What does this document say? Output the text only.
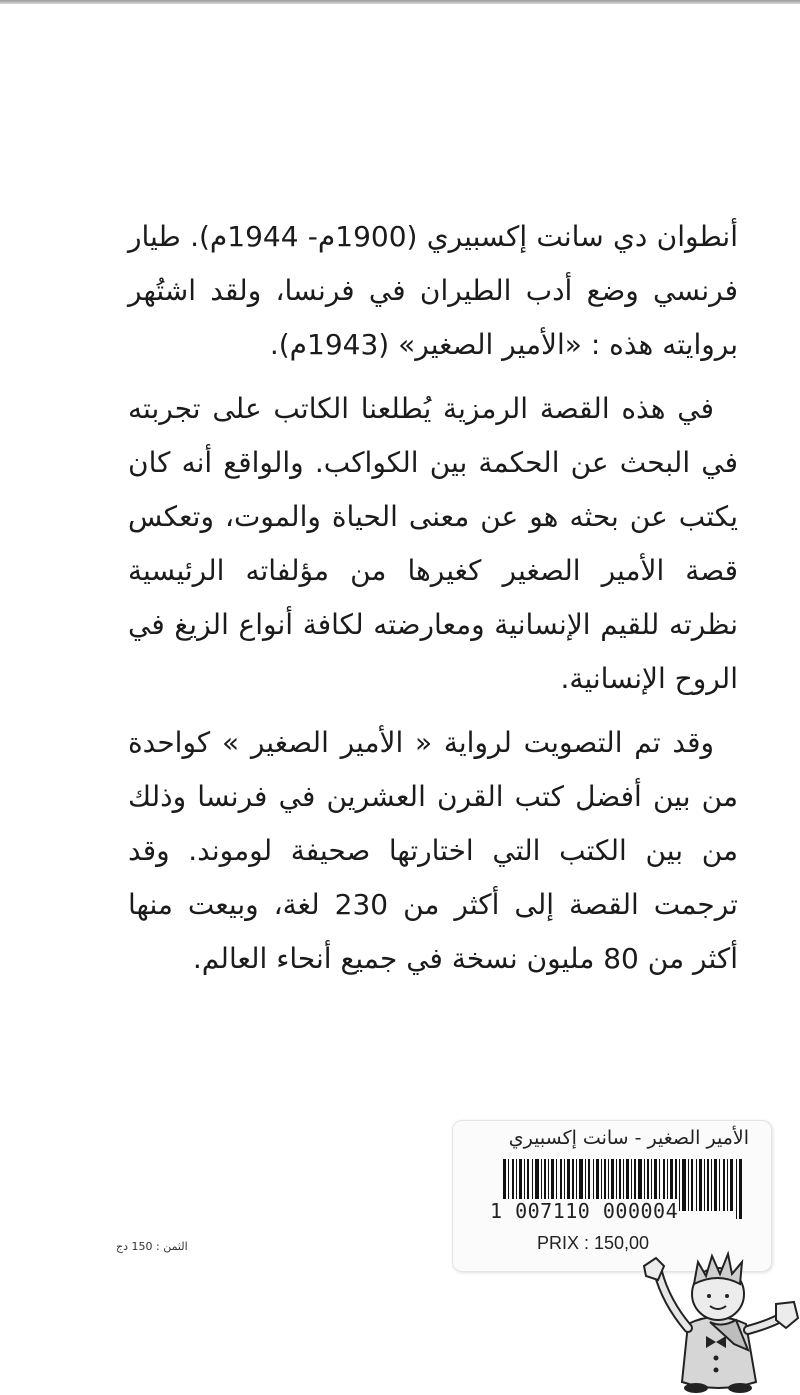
أنطوان دي سانت إكسبيري (1900م- 1944م). طيار فرنسي وضع أدب الطيران في فرنسا، ولقد اشتُهر بروايته هذه : «الأمير الصغير» (1943م).

في هذه القصة الرمزية يُطلعنا الكاتب على تجربته في البحث عن الحكمة بين الكواكب. والواقع أنه كان يكتب عن بحثه هو عن معنى الحياة والموت، وتعكس قصة الأمير الصغير كغيرها من مؤلفاته الرئيسية نظرته للقيم الإنسانية ومعارضته لكافة أنواع الزيغ في الروح الإنسانية.

وقد تم التصويت لرواية « الأمير الصغير » كواحدة من بين أفضل كتب القرن العشرين في فرنسا وذلك من بين الكتب التي اختارتها صحيفة لوموند. وقد ترجمت القصة إلى أكثر من 230 لغة، وبيعت منها أكثر من 80 مليون نسخة في جميع أنحاء العالم.

الثمن : 150 دج
الأمير الصغير - سانت إكسبيري
1 007110 000004
PRIX : 150,00
